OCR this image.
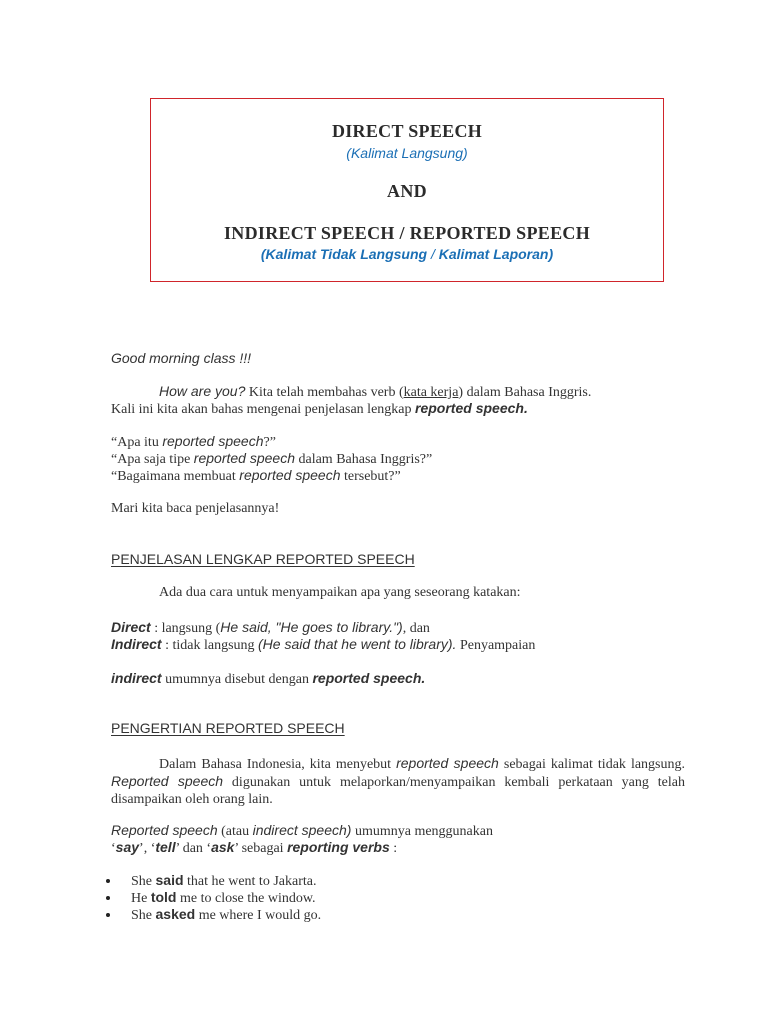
DIRECT SPEECH
(Kalimat Langsung)
AND
INDIRECT SPEECH / REPORTED SPEECH
(Kalimat Tidak Langsung / Kalimat Laporan)
Good morning class !!!
How are you? Kita telah membahas verb (kata kerja) dalam Bahasa Inggris.
Kali ini kita akan bahas mengenai penjelasan lengkap reported speech.
“Apa itu reported speech?”
“Apa saja tipe reported speech dalam Bahasa Inggris?”
“Bagaimana membuat reported speech tersebut?”
Mari kita baca penjelasannya!
PENJELASAN LENGKAP REPORTED SPEECH
Ada dua cara untuk menyampaikan apa yang seseorang katakan:
Direct : langsung (He said, "He goes to library."), dan
Indirect : tidak langsung (He said that he went to library). Penyampaian
indirect umumnya disebut dengan reported speech.
PENGERTIAN REPORTED SPEECH
Dalam Bahasa Indonesia, kita menyebut reported speech sebagai kalimat tidak langsung. Reported speech digunakan untuk melaporkan/menyampaikan kembali perkataan yang telah disampaikan oleh orang lain.
Reported speech (atau indirect speech) umumnya menggunakan
‘say’, ‘tell’ dan ‘ask’ sebagai reporting verbs :
She said that he went to Jakarta.
He told me to close the window.
She asked me where I would go.
